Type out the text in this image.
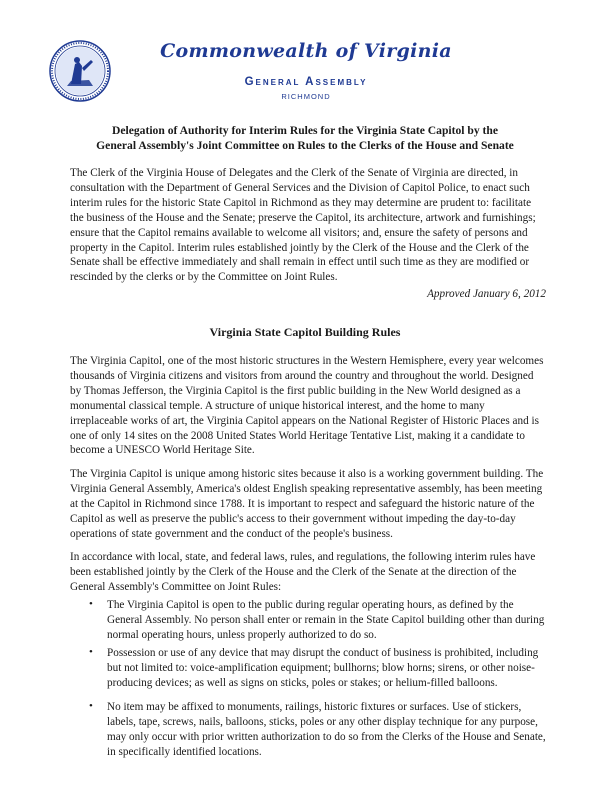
Commonwealth of Virginia
General Assembly
RICHMOND
Delegation of Authority for Interim Rules for the Virginia State Capitol by the
General Assembly's Joint Committee on Rules to the Clerks of the House and Senate
The Clerk of the Virginia House of Delegates and the Clerk of the Senate of Virginia are directed, in consultation with the Department of General Services and the Division of Capitol Police, to enact such interim rules for the historic State Capitol in Richmond as they may determine are prudent to: facilitate the business of the House and the Senate; preserve the Capitol, its architecture, artwork and furnishings; ensure that the Capitol remains available to welcome all visitors; and, ensure the safety of persons and property in the Capitol. Interim rules established jointly by the Clerk of the House and the Clerk of the Senate shall be effective immediately and shall remain in effect until such time as they are modified or rescinded by the clerks or by the Committee on Joint Rules.
Approved January 6, 2012
Virginia State Capitol Building Rules
The Virginia Capitol, one of the most historic structures in the Western Hemisphere, every year welcomes thousands of Virginia citizens and visitors from around the country and throughout the world. Designed by Thomas Jefferson, the Virginia Capitol is the first public building in the New World designed as a monumental classical temple. A structure of unique historical interest, and the home to many irreplaceable works of art, the Virginia Capitol appears on the National Register of Historic Places and is one of only 14 sites on the 2008 United States World Heritage Tentative List, making it a candidate to become a UNESCO World Heritage Site.
The Virginia Capitol is unique among historic sites because it also is a working government building. The Virginia General Assembly, America's oldest English speaking representative assembly, has been meeting at the Capitol in Richmond since 1788. It is important to respect and safeguard the historic nature of the Capitol as well as preserve the public's access to their government without impeding the day-to-day operations of state government and the conduct of the people's business.
In accordance with local, state, and federal laws, rules, and regulations, the following interim rules have been established jointly by the Clerk of the House and the Clerk of the Senate at the direction of the General Assembly's Committee on Joint Rules:
• The Virginia Capitol is open to the public during regular operating hours, as defined by the General Assembly. No person shall enter or remain in the State Capitol building other than during normal operating hours, unless properly authorized to do so.
• Possession or use of any device that may disrupt the conduct of business is prohibited, including but not limited to: voice-amplification equipment; bullhorns; blow horns; sirens, or other noise-producing devices; as well as signs on sticks, poles or stakes; or helium-filled balloons.
• No item may be affixed to monuments, railings, historic fixtures or surfaces. Use of stickers, labels, tape, screws, nails, balloons, sticks, poles or any other display technique for any purpose, may only occur with prior written authorization to do so from the Clerks of the House and Senate, in specifically identified locations.
